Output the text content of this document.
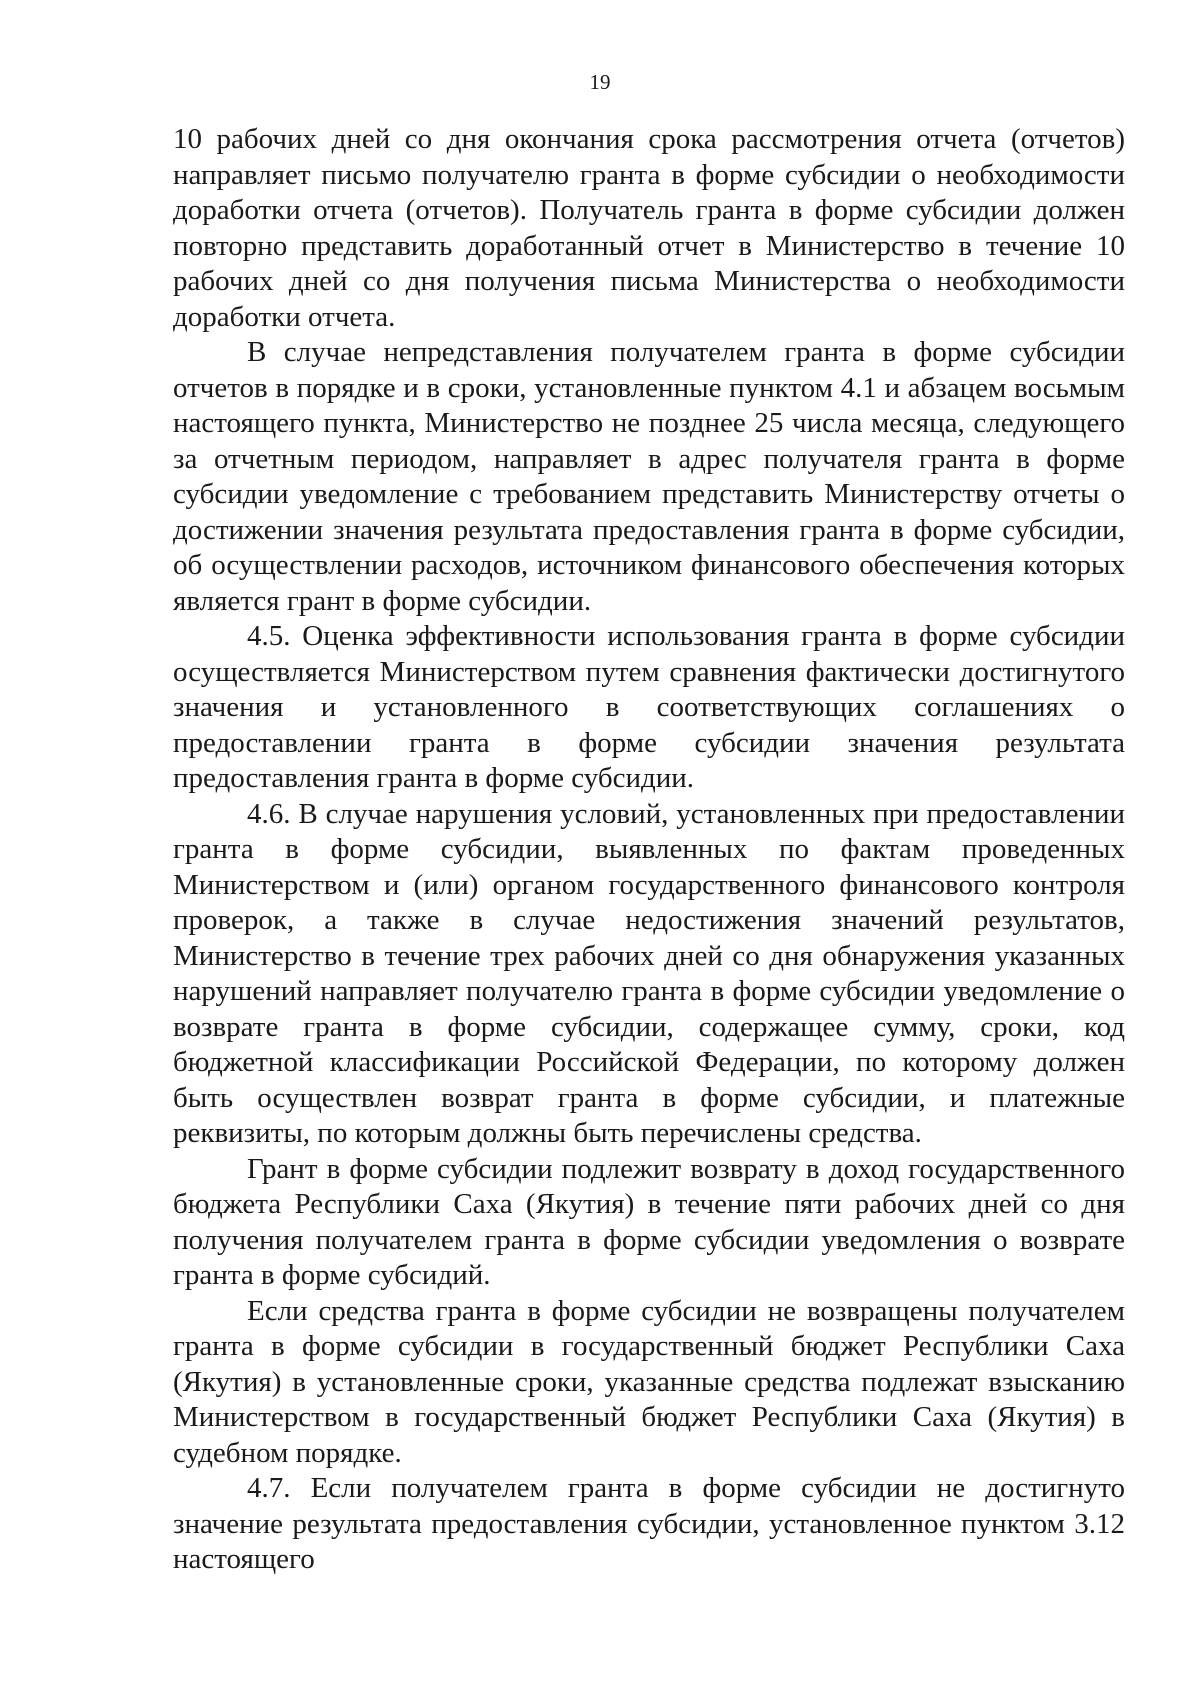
19

10 рабочих дней со дня окончания срока рассмотрения отчета (отчетов) направляет письмо получателю гранта в форме субсидии о необходимости доработки отчета (отчетов). Получатель гранта в форме субсидии должен повторно представить доработанный отчет в Министерство в течение 10 рабочих дней со дня получения письма Министерства о необходимости доработки отчета.

В случае непредставления получателем гранта в форме субсидии отчетов в порядке и в сроки, установленные пунктом 4.1 и абзацем восьмым настоящего пункта, Министерство не позднее 25 числа месяца, следующего за отчетным периодом, направляет в адрес получателя гранта в форме субсидии уведомление с требованием представить Министерству отчеты о достижении значения результата предоставления гранта в форме субсидии, об осуществлении расходов, источником финансового обеспечения которых является грант в форме субсидии.

4.5. Оценка эффективности использования гранта в форме субсидии осуществляется Министерством путем сравнения фактически достигнутого значения и установленного в соответствующих соглашениях о предоставлении гранта в форме субсидии значения результата предоставления гранта в форме субсидии.

4.6. В случае нарушения условий, установленных при предоставлении гранта в форме субсидии, выявленных по фактам проведенных Министерством и (или) органом государственного финансового контроля проверок, а также в случае недостижения значений результатов, Министерство в течение трех рабочих дней со дня обнаружения указанных нарушений направляет получателю гранта в форме субсидии уведомление о возврате гранта в форме субсидии, содержащее сумму, сроки, код бюджетной классификации Российской Федерации, по которому должен быть осуществлен возврат гранта в форме субсидии, и платежные реквизиты, по которым должны быть перечислены средства.

Грант в форме субсидии подлежит возврату в доход государственного бюджета Республики Саха (Якутия) в течение пяти рабочих дней со дня получения получателем гранта в форме субсидии уведомления о возврате гранта в форме субсидий.

Если средства гранта в форме субсидии не возвращены получателем гранта в форме субсидии в государственный бюджет Республики Саха (Якутия) в установленные сроки, указанные средства подлежат взысканию Министерством в государственный бюджет Республики Саха (Якутия) в судебном порядке.

4.7. Если получателем гранта в форме субсидии не достигнуто значение результата предоставления субсидии, установленное пунктом 3.12 настоящего
